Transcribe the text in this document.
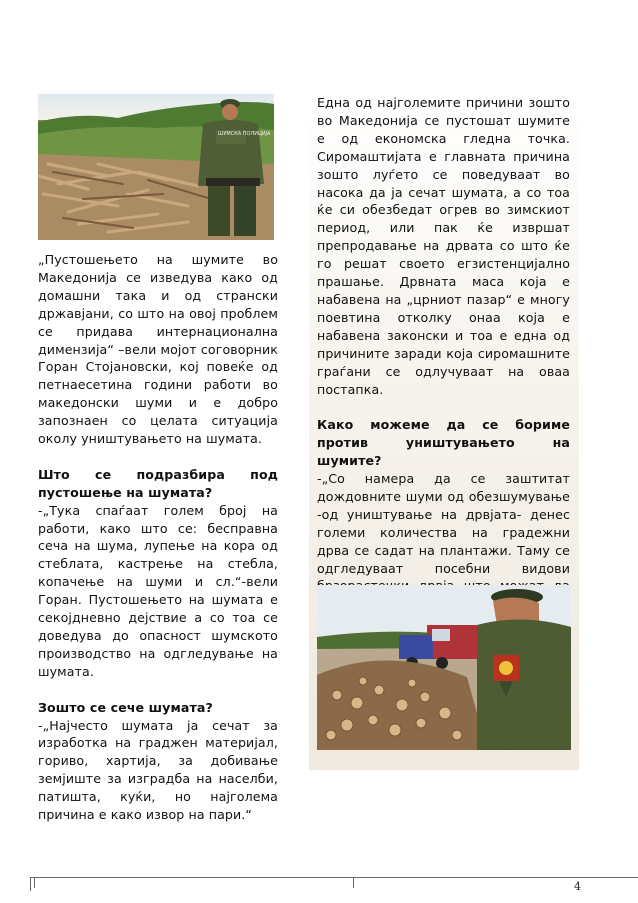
ШУМСКА ПОЛИЦИЈА

„Пустошењето на шумите во Македонија се изведува како од домашни така и од странски државјани, со што на овој проблем се придава интернационална димензија“ –вели мојот соговорник Горан Стојановски, кој повеќе од петнаесетина години работи во македонски шуми и е добро запознаен со целата ситуација околу уништувањето на шумата.

Што се подразбира под пустошење на шумата?

-„Тука спаѓаат голем број на работи, како што се: бесправна сеча на шума, лупење на кора од стеблата, кастрење на стебла, копачење на шуми и сл.“-вели Горан. Пустошењето на шумата е секојдневно дејствие а со тоа се доведува до опасност шумското производство на одгледување на шумата.

Зошто се сече шумата?

-„Најчесто шумата ја сечат за изработка на граджен материјал, гориво, хартија, за добивање земјиште за изградба на населби, патишта, куќи, но најголема причина е како извор на пари.“

Една од најголемите причини зошто во Македонија се пустошат шумите е од економска гледна точка. Сиромаштијата е главната причина зошто луѓето се поведуваат во насока да ја сечат шумата, а со тоа ќе си обезбедат огрев во зимскиот период, или пак ќе извршат препродавање на дрвата со што ќе го решат своето егзистенцијално прашање. Дрвната маса која е набавена на „црниот пазар“ е многу поевтина отколку онаа која е набавена законски и тоа е една од причините заради која сиромашните граѓани се одлучуваат на оваа постапка.

Како можеме да се бориме против уништувањето на шумите?

-„Со намера да се заштитат дождовните шуми од обезшумување -од уништување на дрвјата- денес големи количества на градежни дрва се садат на плантажи. Таму се одгледуваат посебни видови

4
